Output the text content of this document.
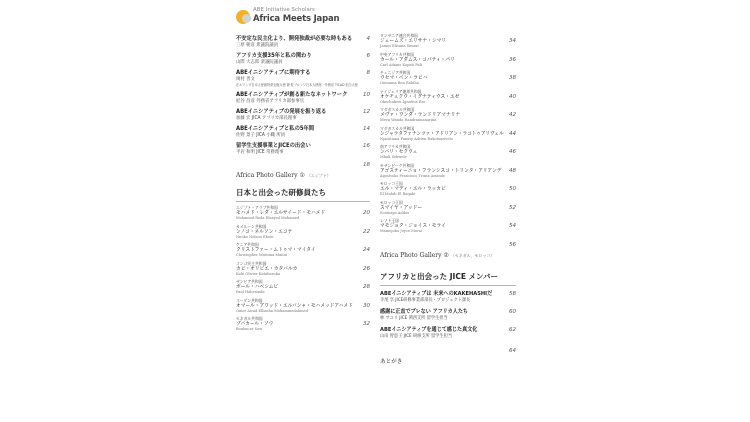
ABE Initiative Scholars
Africa Meets Japan
不安定な民主化より、開発独裁が必要な時もある
三原 朝彦 衆議院議員
4
アフリカ支援35年と私の関わり
山際 大志郎 衆議院議員
6
ABEイニシアティブに期待する
岡村 善文
在ルワンダ日本大使館特命全権大使 兼 駐ブルンジ日本大使館・外務省 TICAD 担当大使
8
ABEイニシアティブが創る新たなネットワーク
紀谷 昌彦 外務省アフリカ部参事官
10
ABEイニシアティブの発展を振り返る
加藤 宏 JICA アフリカ部長理事
12
ABEイニシアティブと私の5年間
佐野 景子 JICA 小職 所員
14
留学生支援事業とJICEの出会い
平岩 和明 JICE 常務理事
16
Africa Photo Gallery ① （エジプト）
18
日本と出会った研修員たち
エジプト・アラブ共和国
モハメド・レダ・エルサイード・モハメド
Mohamed Reda Elsayed Mohamed
20
カメルーン共和国
ンノコ・ネルソン・エコテ
Nnoko Nelson Ekote
22
ケニア共和国
クリストファー・ムトゥマ・マイタイ
Christopher Mutuma Maitai
24
コンゴ民主共和国
カビ・オリビエ・カタバルカ
Kabi Olivier Katabaruka
26
ザンビア共和国
ポール・ハベシムビ
Paul Habesimbi
28
スーダン共和国
オマール・アワッド・エルバシャ・モハメッドアハメド
Omer Awad Elbasha Mohammedahmed
30
セネガル共和国
ブバカール・ソウ
Boubacar Sow
32
タンザニア連合共和国
ジェームズ・エリサナ・シマリ
James Elisana Simari
34
中央アフリカ共和国
カール・アダムス・コパティ・パリ
Carl Adams Kopati Pali
36
チュニジア共和国
ウセマ・ベン・ラビハ
Oussama Ben Rabiha
38
ナイジェリア連邦共和国
オケチュクウ・イグナティウス・エゼ
Okechukwu Ignatius Eze
40
マダガスカル共和国
メヴァ・ワンダ・ランドリアマナリナ
Meva Wanda Randriamanarina
42
マダガスカル共和国
ンジャラタファナンツァ・アドリアン・ラコトゥアリヴェル
Njaratiana Fanaty Adrien Rakotoarivelo
44
南アフリカ共和国
ンバリ・セクウェ
Mbali Sekwele
46
モザンビーク共和国
アゴスティーニョ・フランシスコ・トリンタ・アリアンデ
Agostinho Francisco Trinta Ariande
48
モロッコ王国
エル・マディ・エル・ラッカビ
El Mahdi El Raqabi
50
モロッコ王国
スマイヤ・アッドー
Soumaya Addou
52
レソト王国
マモジョク・ジョイス・モライ
Mamojoku Joyce Morai
54
Africa Photo Gallery ② （セネガル、モロッコ）
56
アフリカと出会った JICE メンバー
ABEイニシアティブは 未来へのKAKEHASHIだ
寺尾 享 JICE研修事業部部長・プロジェクト課長
58
感謝に正直でプレない アフリカ人たち
林 サユリ JICE 関西支所 留学生担当
60
ABEイニシアティブを通じて感じた真文化
山田 智恵子 JICE 研修支所 留学生担当
62
あとがき
64
